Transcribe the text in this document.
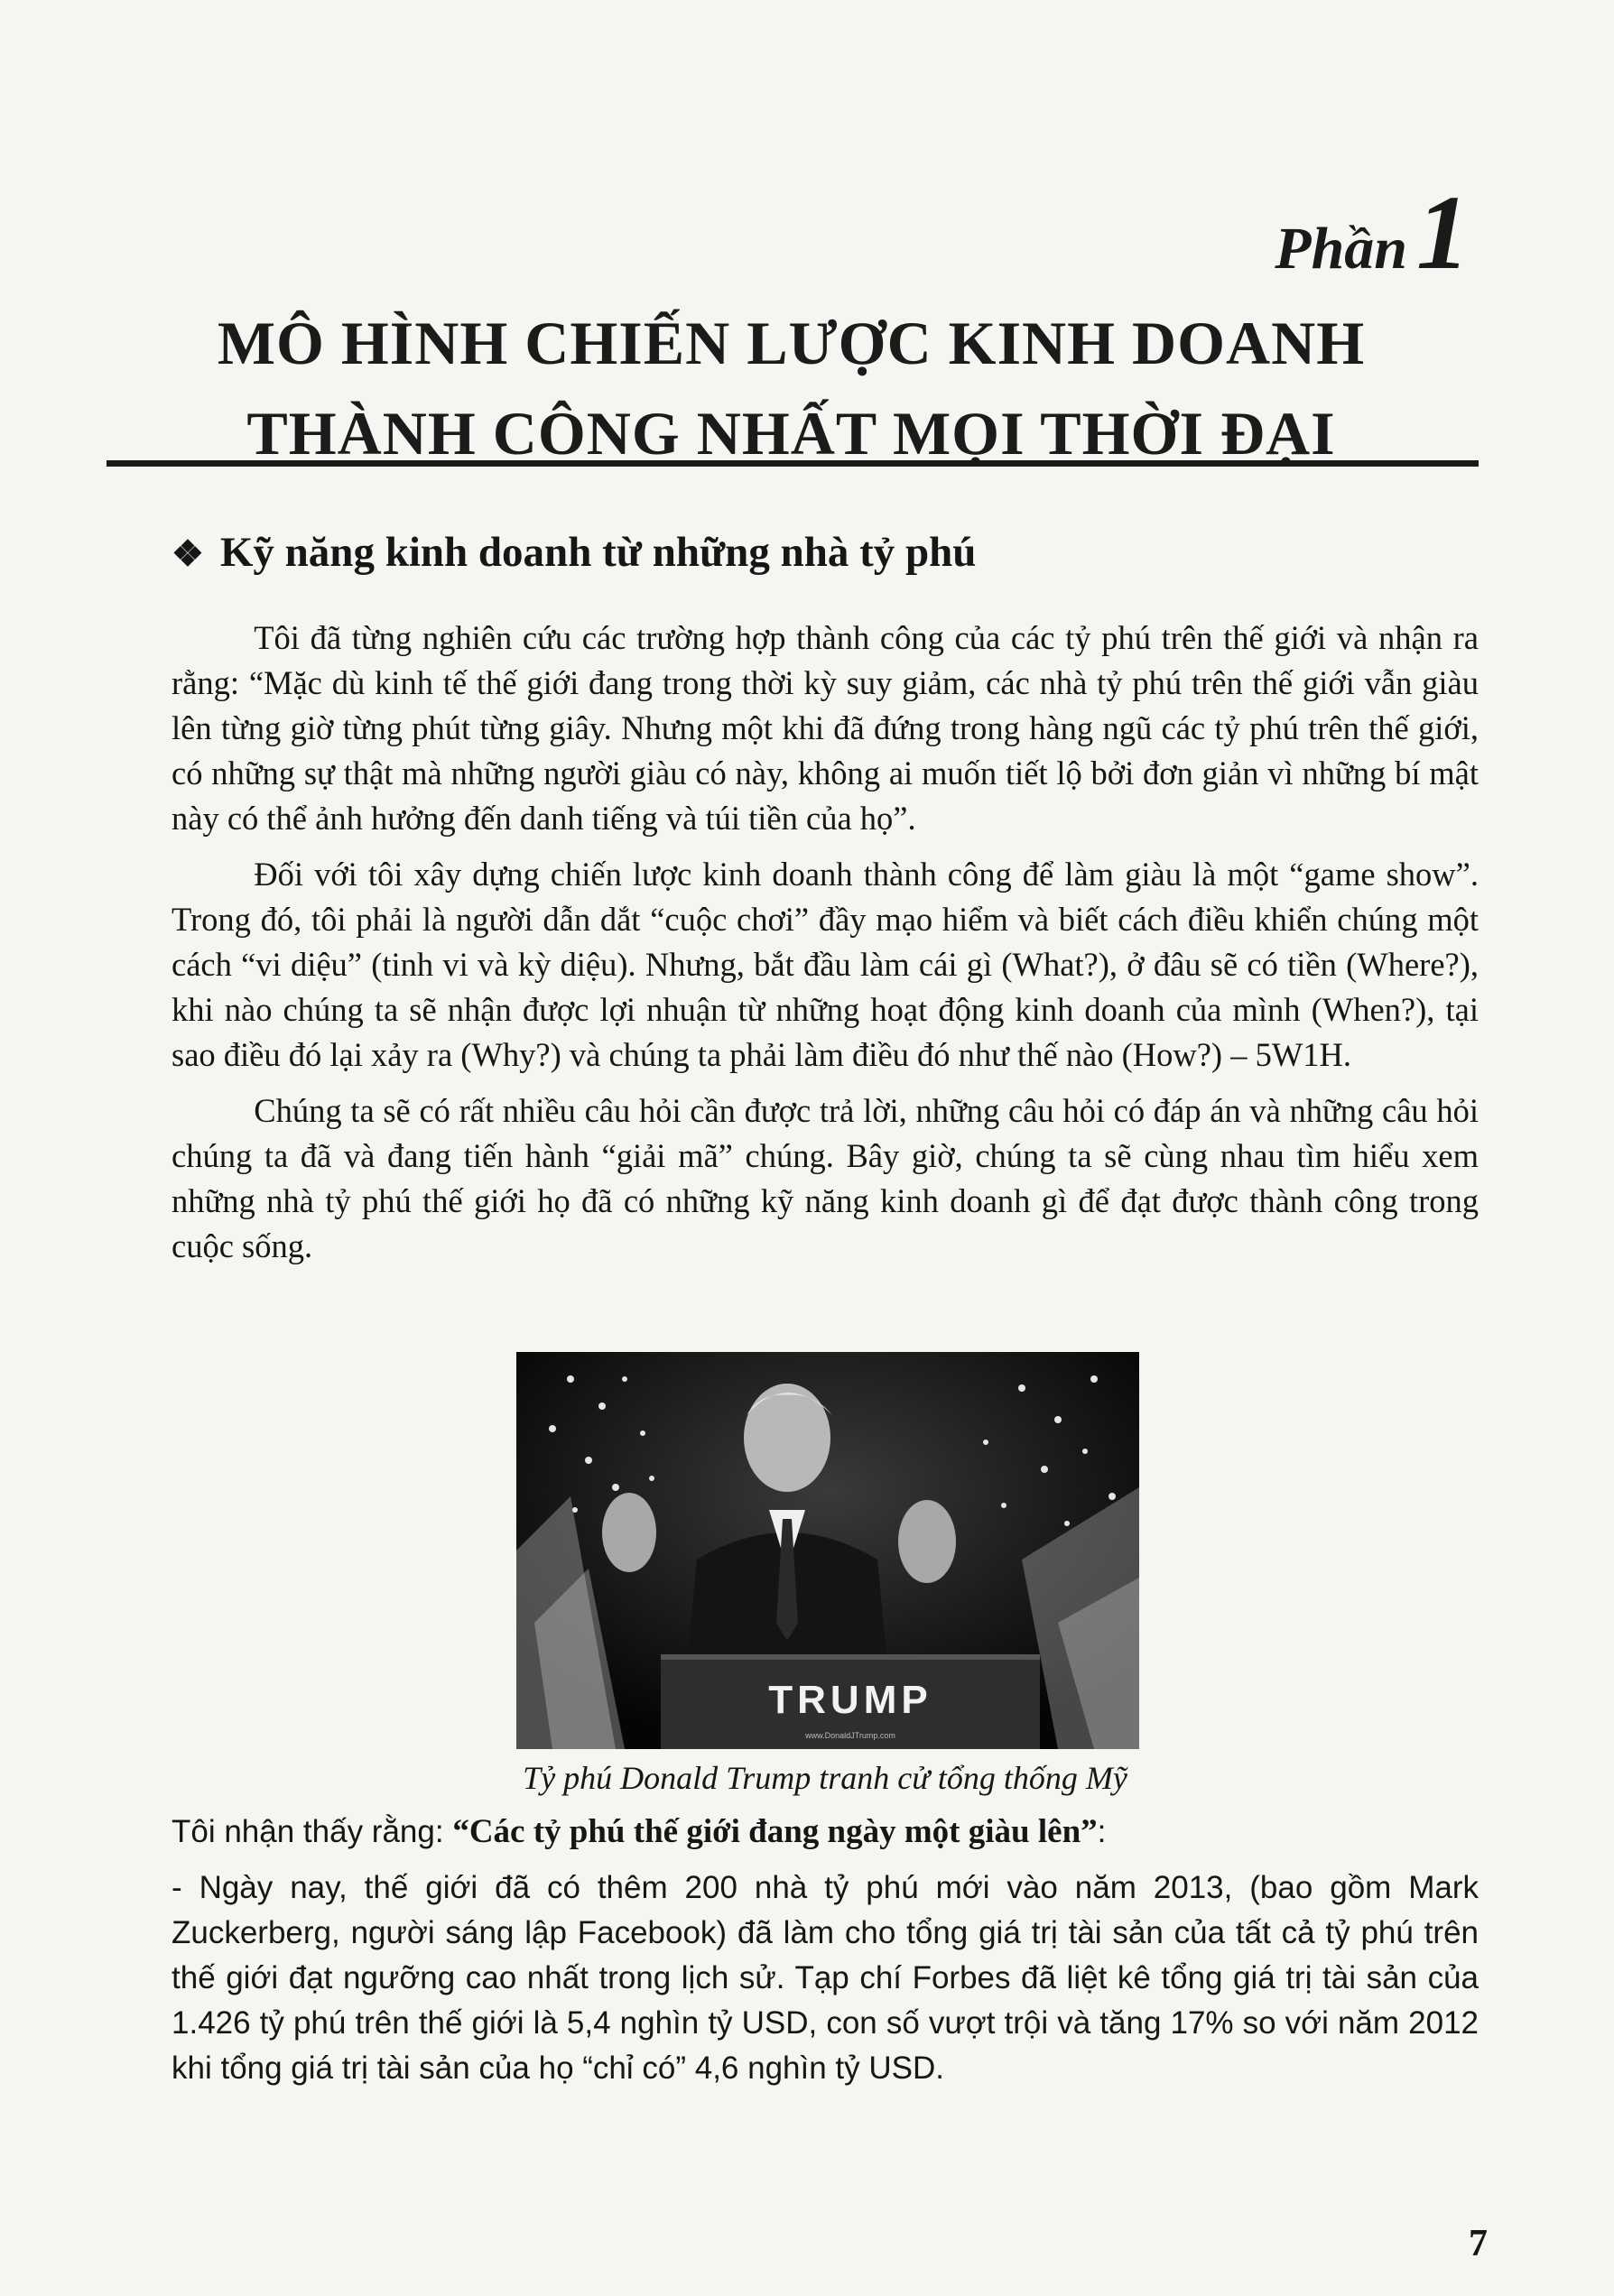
Phần1
MÔ HÌNH CHIẾN LƯỢC KINH DOANH
THÀNH CÔNG NHẤT MỌI THỜI ĐẠI
❖ Kỹ năng kinh doanh từ những nhà tỷ phú

Tôi đã từng nghiên cứu các trường hợp thành công của các tỷ phú trên thế giới và nhận ra rằng: “Mặc dù kinh tế thế giới đang trong thời kỳ suy giảm, các nhà tỷ phú trên thế giới vẫn giàu lên từng giờ từng phút từng giây. Nhưng một khi đã đứng trong hàng ngũ các tỷ phú trên thế giới, có những sự thật mà những người giàu có này, không ai muốn tiết lộ bởi đơn giản vì những bí mật này có thể ảnh hưởng đến danh tiếng và túi tiền của họ”.

Đối với tôi xây dựng chiến lược kinh doanh thành công để làm giàu là một “game show”. Trong đó, tôi phải là người dẫn dắt “cuộc chơi” đầy mạo hiểm và biết cách điều khiển chúng một cách “vi diệu” (tinh vi và kỳ diệu). Nhưng, bắt đầu làm cái gì (What?), ở đâu sẽ có tiền (Where?), khi nào chúng ta sẽ nhận được lợi nhuận từ những hoạt động kinh doanh của mình (When?), tại sao điều đó lại xảy ra (Why?) và chúng ta phải làm điều đó như thế nào (How?) – 5W1H.

Chúng ta sẽ có rất nhiều câu hỏi cần được trả lời, những câu hỏi có đáp án và những câu hỏi chúng ta đã và đang tiến hành “giải mã” chúng. Bây giờ, chúng ta sẽ cùng nhau tìm hiểu xem những nhà tỷ phú thế giới họ đã có những kỹ năng kinh doanh gì để đạt được thành công trong cuộc sống.

TRUMP
www.DonaldJTrump.com
Tỷ phú Donald Trump tranh cử tổng thống Mỹ

Tôi nhận thấy rằng: “Các tỷ phú thế giới đang ngày một giàu lên”:

- Ngày nay, thế giới đã có thêm 200 nhà tỷ phú mới vào năm 2013, (bao gồm Mark Zuckerberg, người sáng lập Facebook) đã làm cho tổng giá trị tài sản của tất cả tỷ phú trên thế giới đạt ngưỡng cao nhất trong lịch sử. Tạp chí Forbes đã liệt kê tổng giá trị tài sản của 1.426 tỷ phú trên thế giới là 5,4 nghìn tỷ USD, con số vượt trội và tăng 17% so với năm 2012 khi tổng giá trị tài sản của họ “chỉ có” 4,6 nghìn tỷ USD.

7
